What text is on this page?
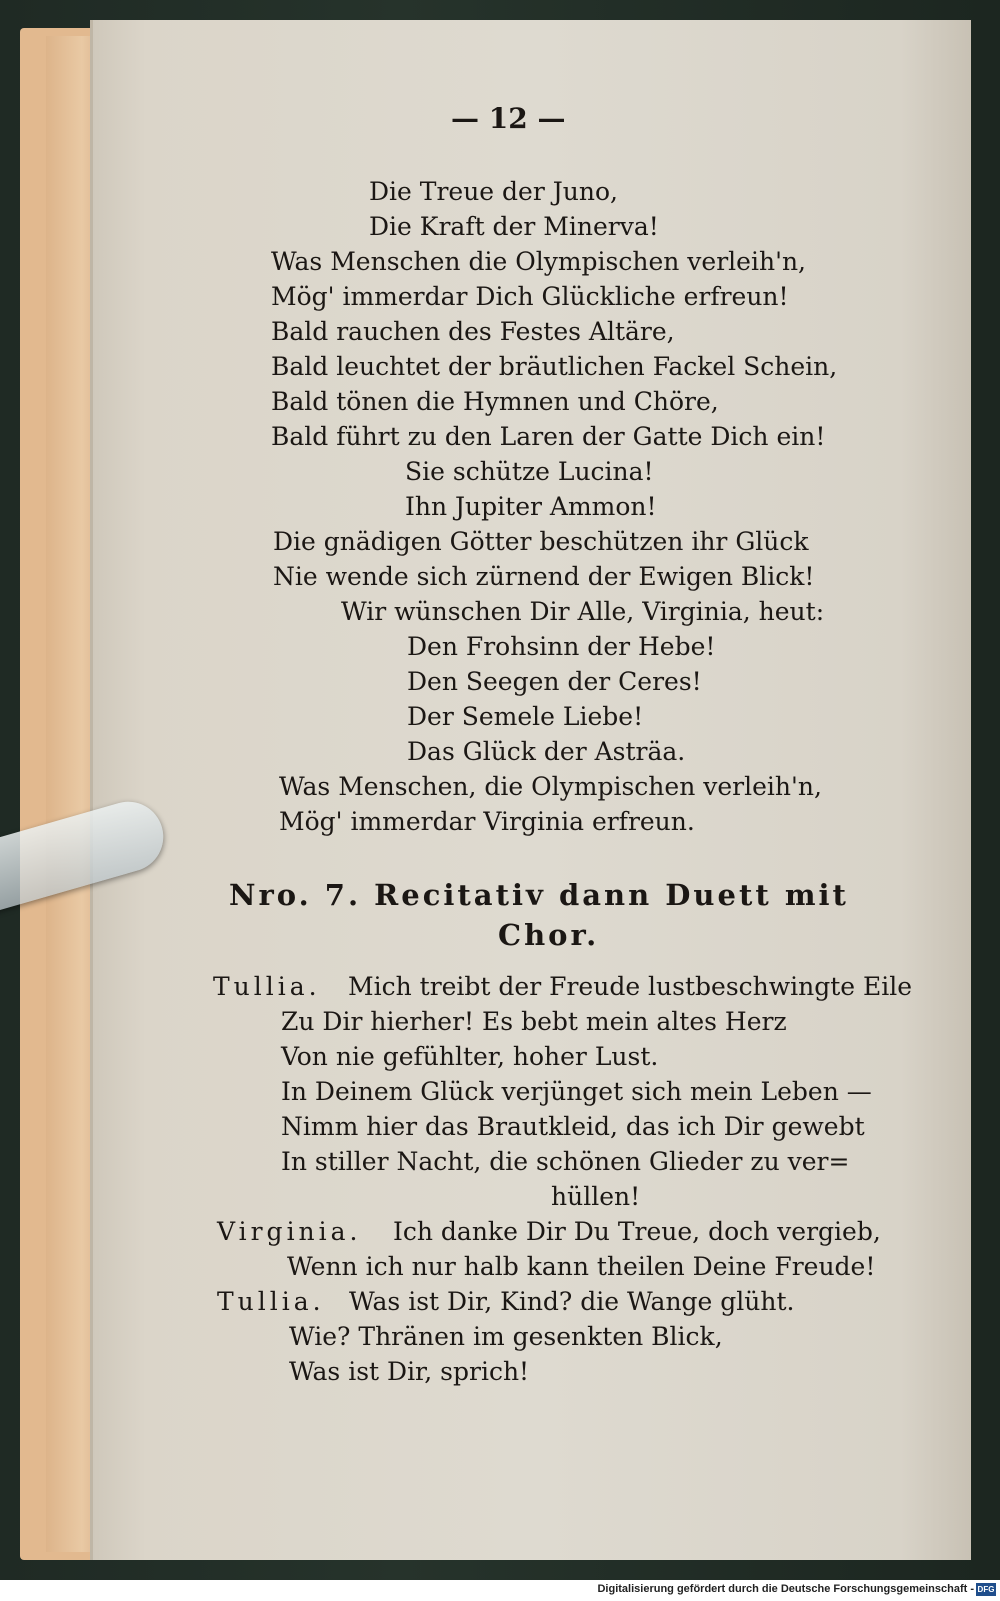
— 12 —
Die Treue der Juno,
Die Kraft der Minerva!
Was Menschen die Olympischen verleih'n,
Mög' immerdar Dich Glückliche erfreun!
Bald rauchen des Festes Altäre,
Bald leuchtet der bräutlichen Fackel Schein,
Bald tönen die Hymnen und Chöre,
Bald führt zu den Laren der Gatte Dich ein!
Sie schütze Lucina!
Ihn Jupiter Ammon!
Die gnädigen Götter beschützen ihr Glück
Nie wende sich zürnend der Ewigen Blick!
Wir wünschen Dir Alle, Virginia, heut:
Den Frohsinn der Hebe!
Den Seegen der Ceres!
Der Semele Liebe!
Das Glück der Asträa.
Was Menschen, die Olympischen verleih'n,
Mög' immerdar Virginia erfreun.
Nro. 7. Recitativ dann Duett mit
Chor.
Tullia. Mich treibt der Freude lustbeschwingte Eile
Zu Dir hierher! Es bebt mein altes Herz
Von nie gefühlter, hoher Lust.
In Deinem Glück verjünget sich mein Leben —
Nimm hier das Brautkleid, das ich Dir gewebt
In stiller Nacht, die schönen Glieder zu ver=
hüllen!
Virginia. Ich danke Dir Du Treue, doch vergieb,
Wenn ich nur halb kann theilen Deine Freude!
Tullia. Was ist Dir, Kind? die Wange glüht.
Wie? Thränen im gesenkten Blick,
Was ist Dir, sprich!
Digitalisierung gefördert durch die Deutsche Forschungsgemeinschaft - DFG
